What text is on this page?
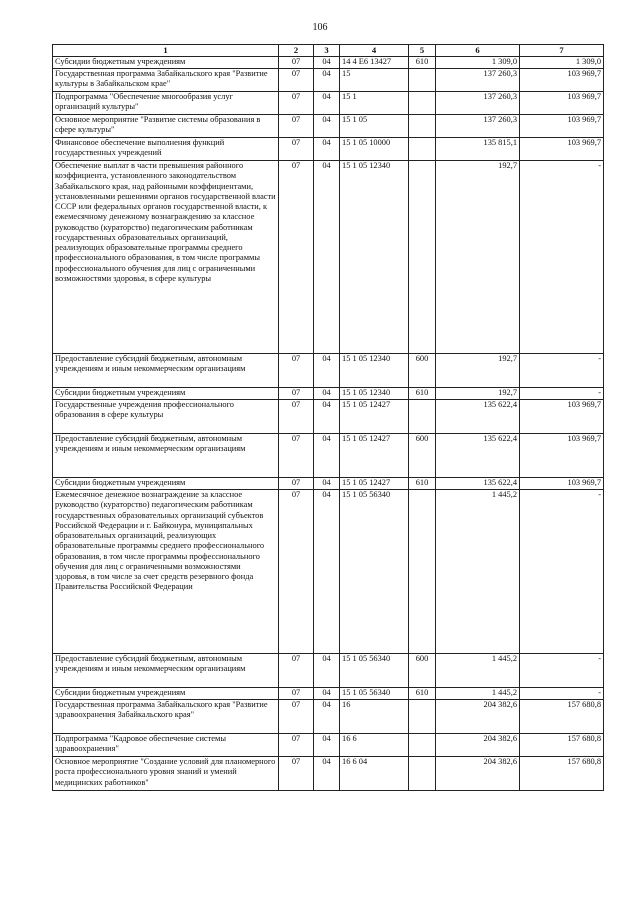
106
1	2	3	4	5	6	7

Субсидии бюджетным учреждениям	07	04	14 4 Е6 13427	610	1 309,0	1 309,0

Государственная программа Забайкальского края "Развитие культуры в Забайкальском крае"	07	04	15		137 260,3	103 969,7

Подпрограмма "Обеспечение многообразия услуг организаций культуры"	07	04	15 1		137 260,3	103 969,7

Основное мероприятие "Развитие системы образования в сфере культуры"	07	04	15 1 05		137 260,3	103 969,7

Финансовое обеспечение выполнения функций государственных учреждений	07	04	15 1 05 10000		135 815,1	103 969,7

Обеспечение выплат в части превышения районного коэффициента, установленного законодательством Забайкальского края, над районными коэффициентами, установленными решениями органов государственной власти СССР или федеральных органов государственной власти, к ежемесячному денежному вознаграждению за классное руководство (кураторство) педагогическим работникам государственных образовательных организаций, реализующих образовательные программы среднего профессионального образования, в том числе программы профессионального обучения для лиц с ограниченными возможностями здоровья, в сфере культуры	07	04	15 1 05 12340		192,7	-

Предоставление субсидий бюджетным, автономным учреждениям и иным некоммерческим организациям	07	04	15 1 05 12340	600	192,7	-

Субсидии бюджетным учреждениям	07	04	15 1 05 12340	610	192,7	-

Государственные учреждения профессионального образования в сфере культуры	07	04	15 1 05 12427		135 622,4	103 969,7

Предоставление субсидий бюджетным, автономным учреждениям и иным некоммерческим организациям	07	04	15 1 05 12427	600	135 622,4	103 969,7

Субсидии бюджетным учреждениям	07	04	15 1 05 12427	610	135 622,4	103 969,7

Ежемесячное денежное вознаграждение за классное руководство (кураторство) педагогическим работникам государственных образовательных организаций субъектов Российской Федерации и г. Байконура, муниципальных образовательных организаций, реализующих образовательные программы среднего профессионального образования, в том числе программы профессионального обучения для лиц с ограниченными возможностями здоровья, в том числе за счет средств резервного фонда Правительства Российской Федерации	07	04	15 1 05 56340		1 445,2	-

Предоставление субсидий бюджетным, автономным учреждениям и иным некоммерческим организациям	07	04	15 1 05 56340	600	1 445,2	-

Субсидии бюджетным учреждениям	07	04	15 1 05 56340	610	1 445,2	-

Государственная программа Забайкальского края "Развитие здравоохранения Забайкальского края"	07	04	16		204 382,6	157 680,8

Подпрограмма "Кадровое обеспечение системы здравоохранения"	07	04	16 6		204 382,6	157 680,8

Основное мероприятие "Создание условий для планомерного роста профессионального уровня знаний и умений медицинских работников"	07	04	16 6 04		204 382,6	157 680,8
